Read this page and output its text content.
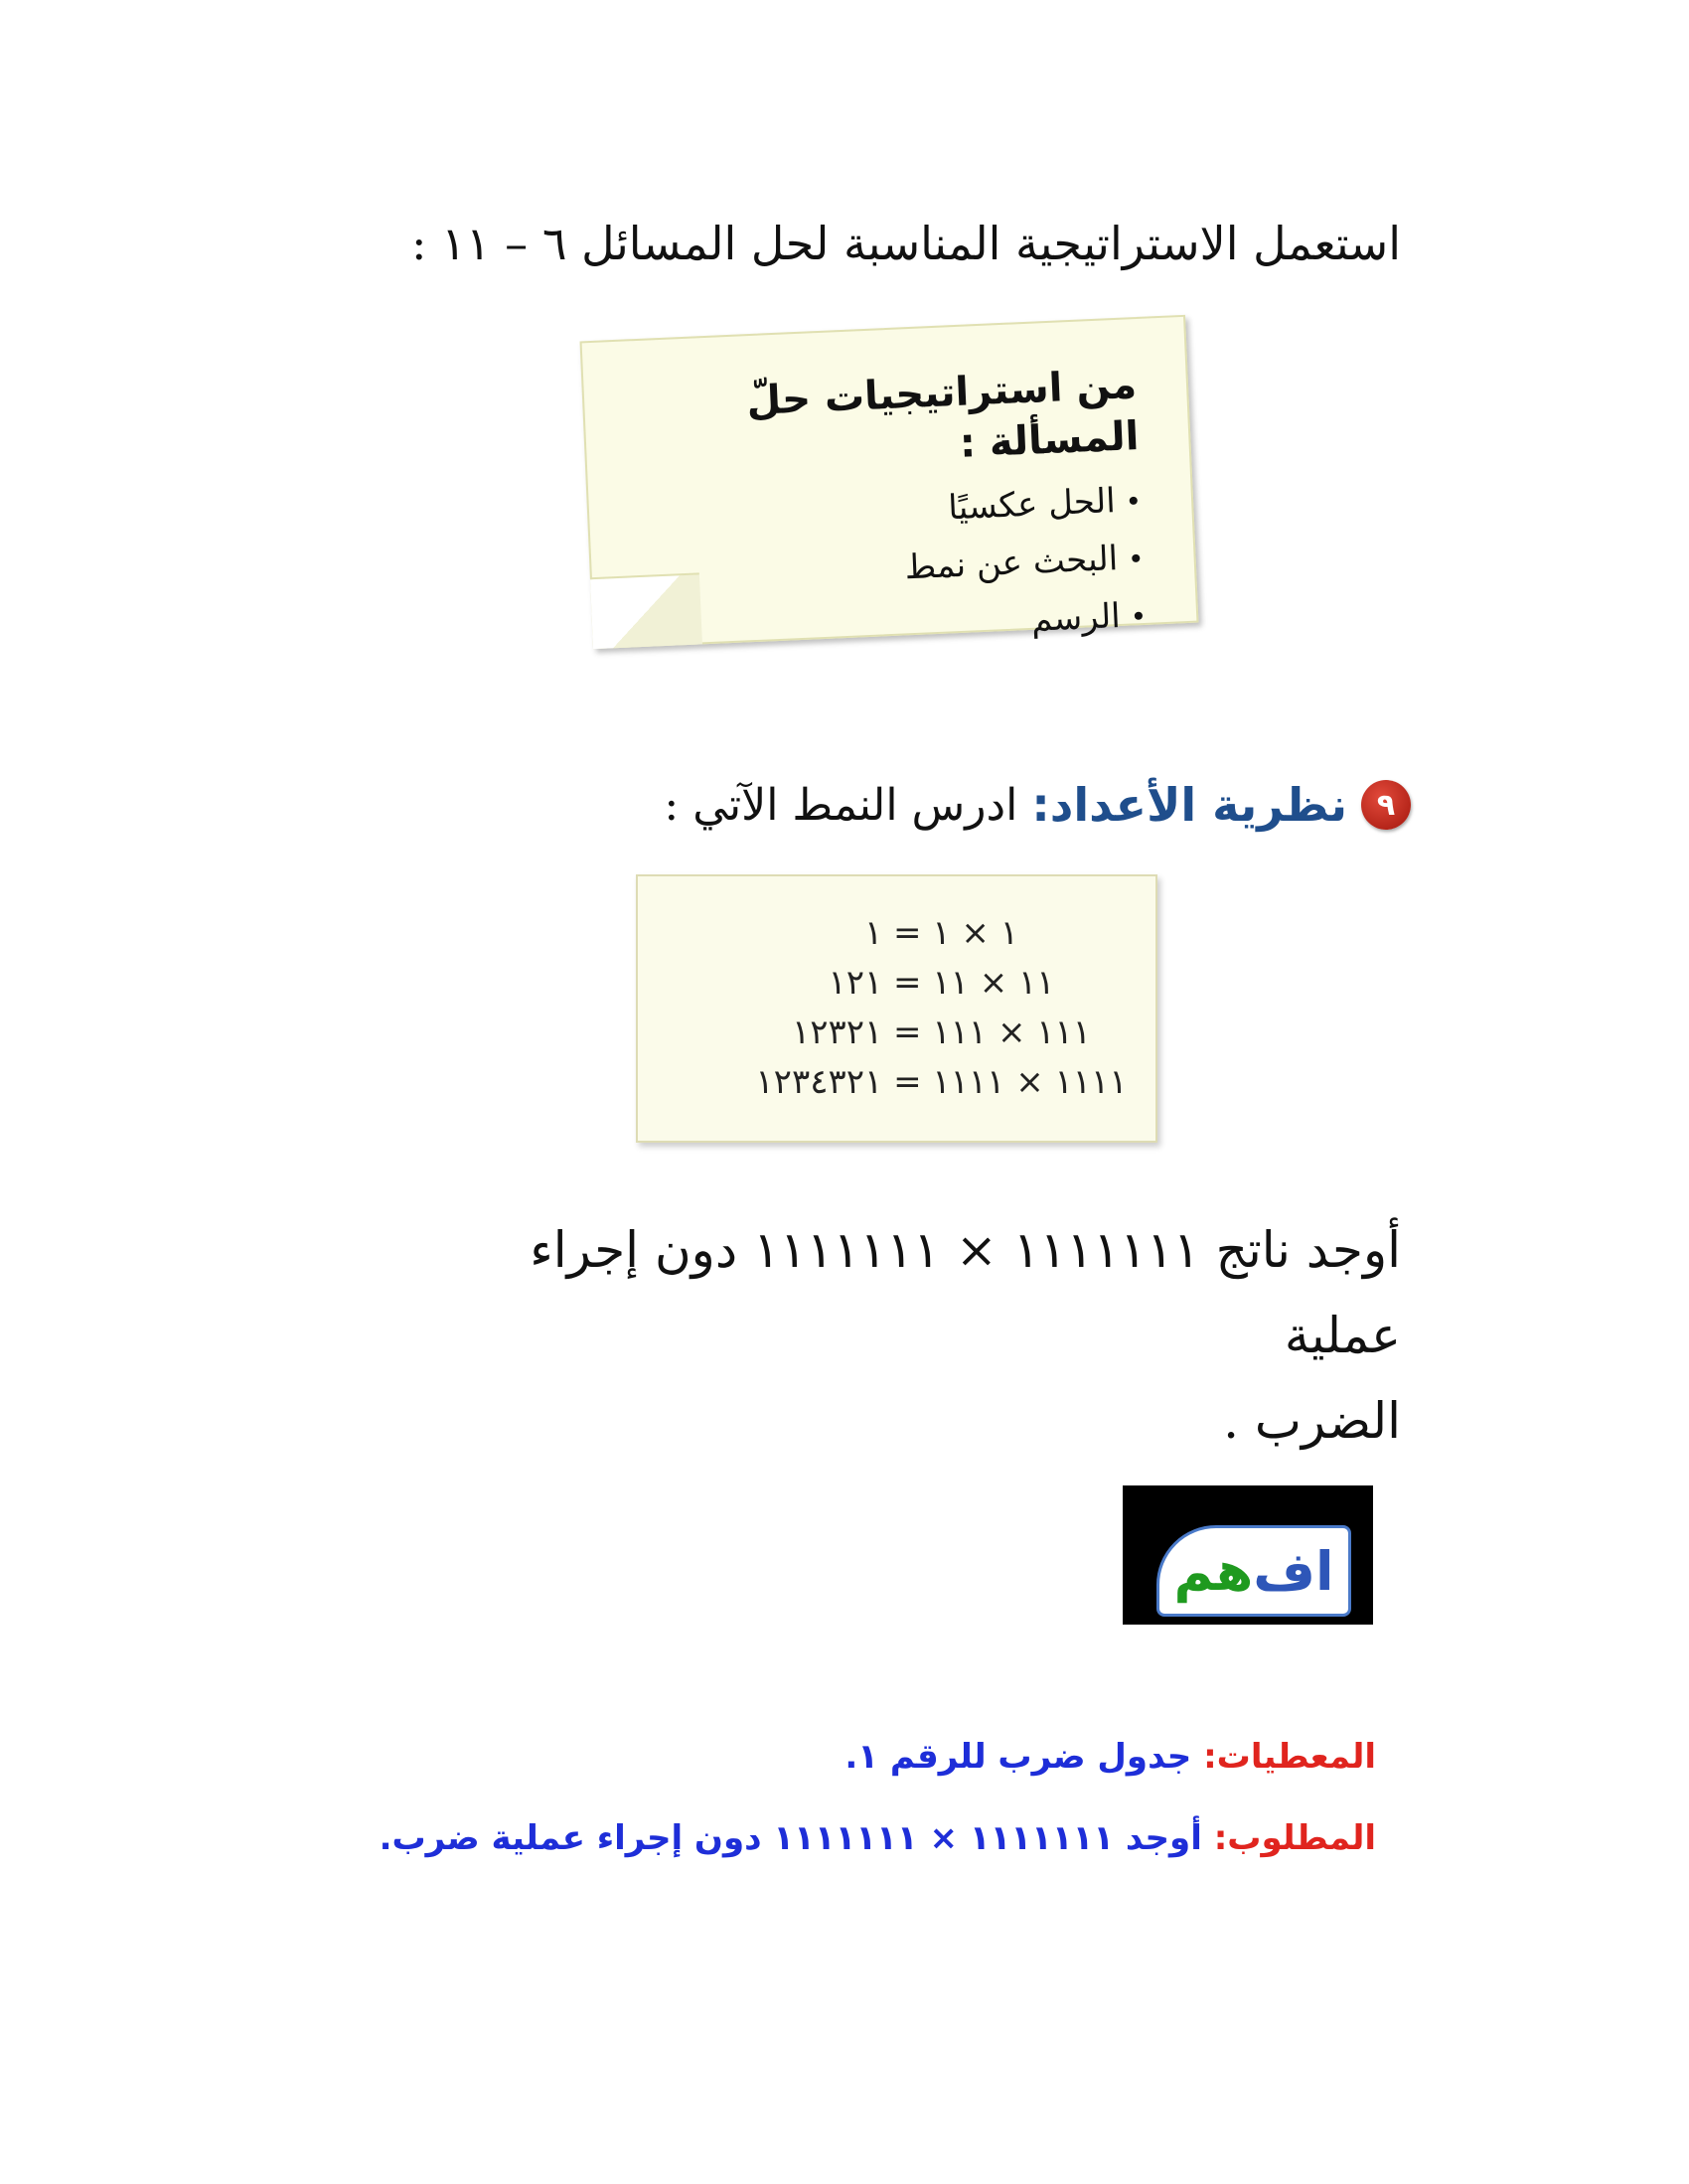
استعمل الاستراتيجية المناسبة لحل المسائل ٦ – ١١ :
من استراتيجيات حلّ المسألة :
•الحل عكسيًا
•البحث عن نمط
•الرسم
٩
نظرية الأعداد
:
ادرس النمط الآتي :
١ × ١ = ١
١١ × ١١ = ١٢١
١١١ × ١١١ = ١٢٣٢١
١١١١ × ١١١١ = ١٢٣٤٣٢١
أوجد ناتج ١١١١١١١ × ١١١١١١١ دون إجراء عملية
الضرب .
اف
هم
المعطيات: جدول ضرب للرقم ١.
المطلوب: أوجد ١١١١١١١ × ١١١١١١١ دون إجراء عملية ضرب.
